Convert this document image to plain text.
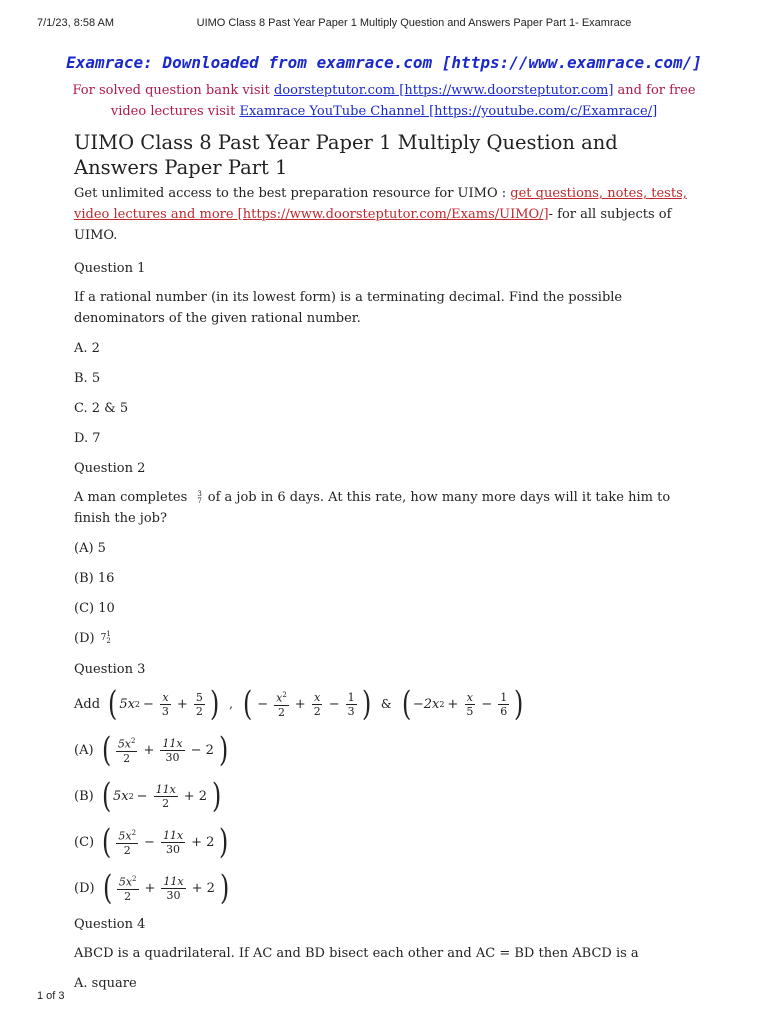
7/1/23, 8:58 AM	UIMO Class 8 Past Year Paper 1 Multiply Question and Answers Paper Part 1- Examrace
Examrace: Downloaded from examrace.com [https://www.examrace.com/]
For solved question bank visit doorsteptutor.com [https://www.doorsteptutor.com] and for free video lectures visit Examrace YouTube Channel [https://youtube.com/c/Examrace/]
UIMO Class 8 Past Year Paper 1 Multiply Question and Answers Paper Part 1

Get unlimited access to the best preparation resource for UIMO : get questions, notes, tests, video lectures and more [https://www.doorsteptutor.com/Exams/UIMO/]- for all subjects of UIMO.

Question 1

If a rational number (in its lowest form) is a terminating decimal. Find the possible denominators of the given rational number.

A. 2

B. 5

C. 2 & 5

D. 7

Question 2

A man completes 3
7 of a job in 6 days. At this rate, how many more days will it take him to finish the job?

(A) 5

(B) 16

(C) 10

(D) 7 1
2

Question 3

Add ( 5x $2 - \frac{x}{3} + \frac{5}{2}$ ) , ( − $\frac{x^2}{2} + \frac{x}{2} - \frac{1}{3}$ ) & ( −2x $2 + \frac{x}{5} - \frac{1}{6}$ )
(A) ( $\frac{5x^2}{2} + \frac{11x}{30} - 2$ )
(B) ( 5x $2 - \frac{11x}{2} + 2$ )
(C) ( $\frac{5x^2}{2} - \frac{11x}{30} + 2$ )
(D) ( $\frac{5x^2}{2} + \frac{11x}{30} + 2$ )

Question 4

ABCD is a quadrilateral. If AC and BD bisect each other and AC = BD then ABCD is a

A. square

1 of 3
